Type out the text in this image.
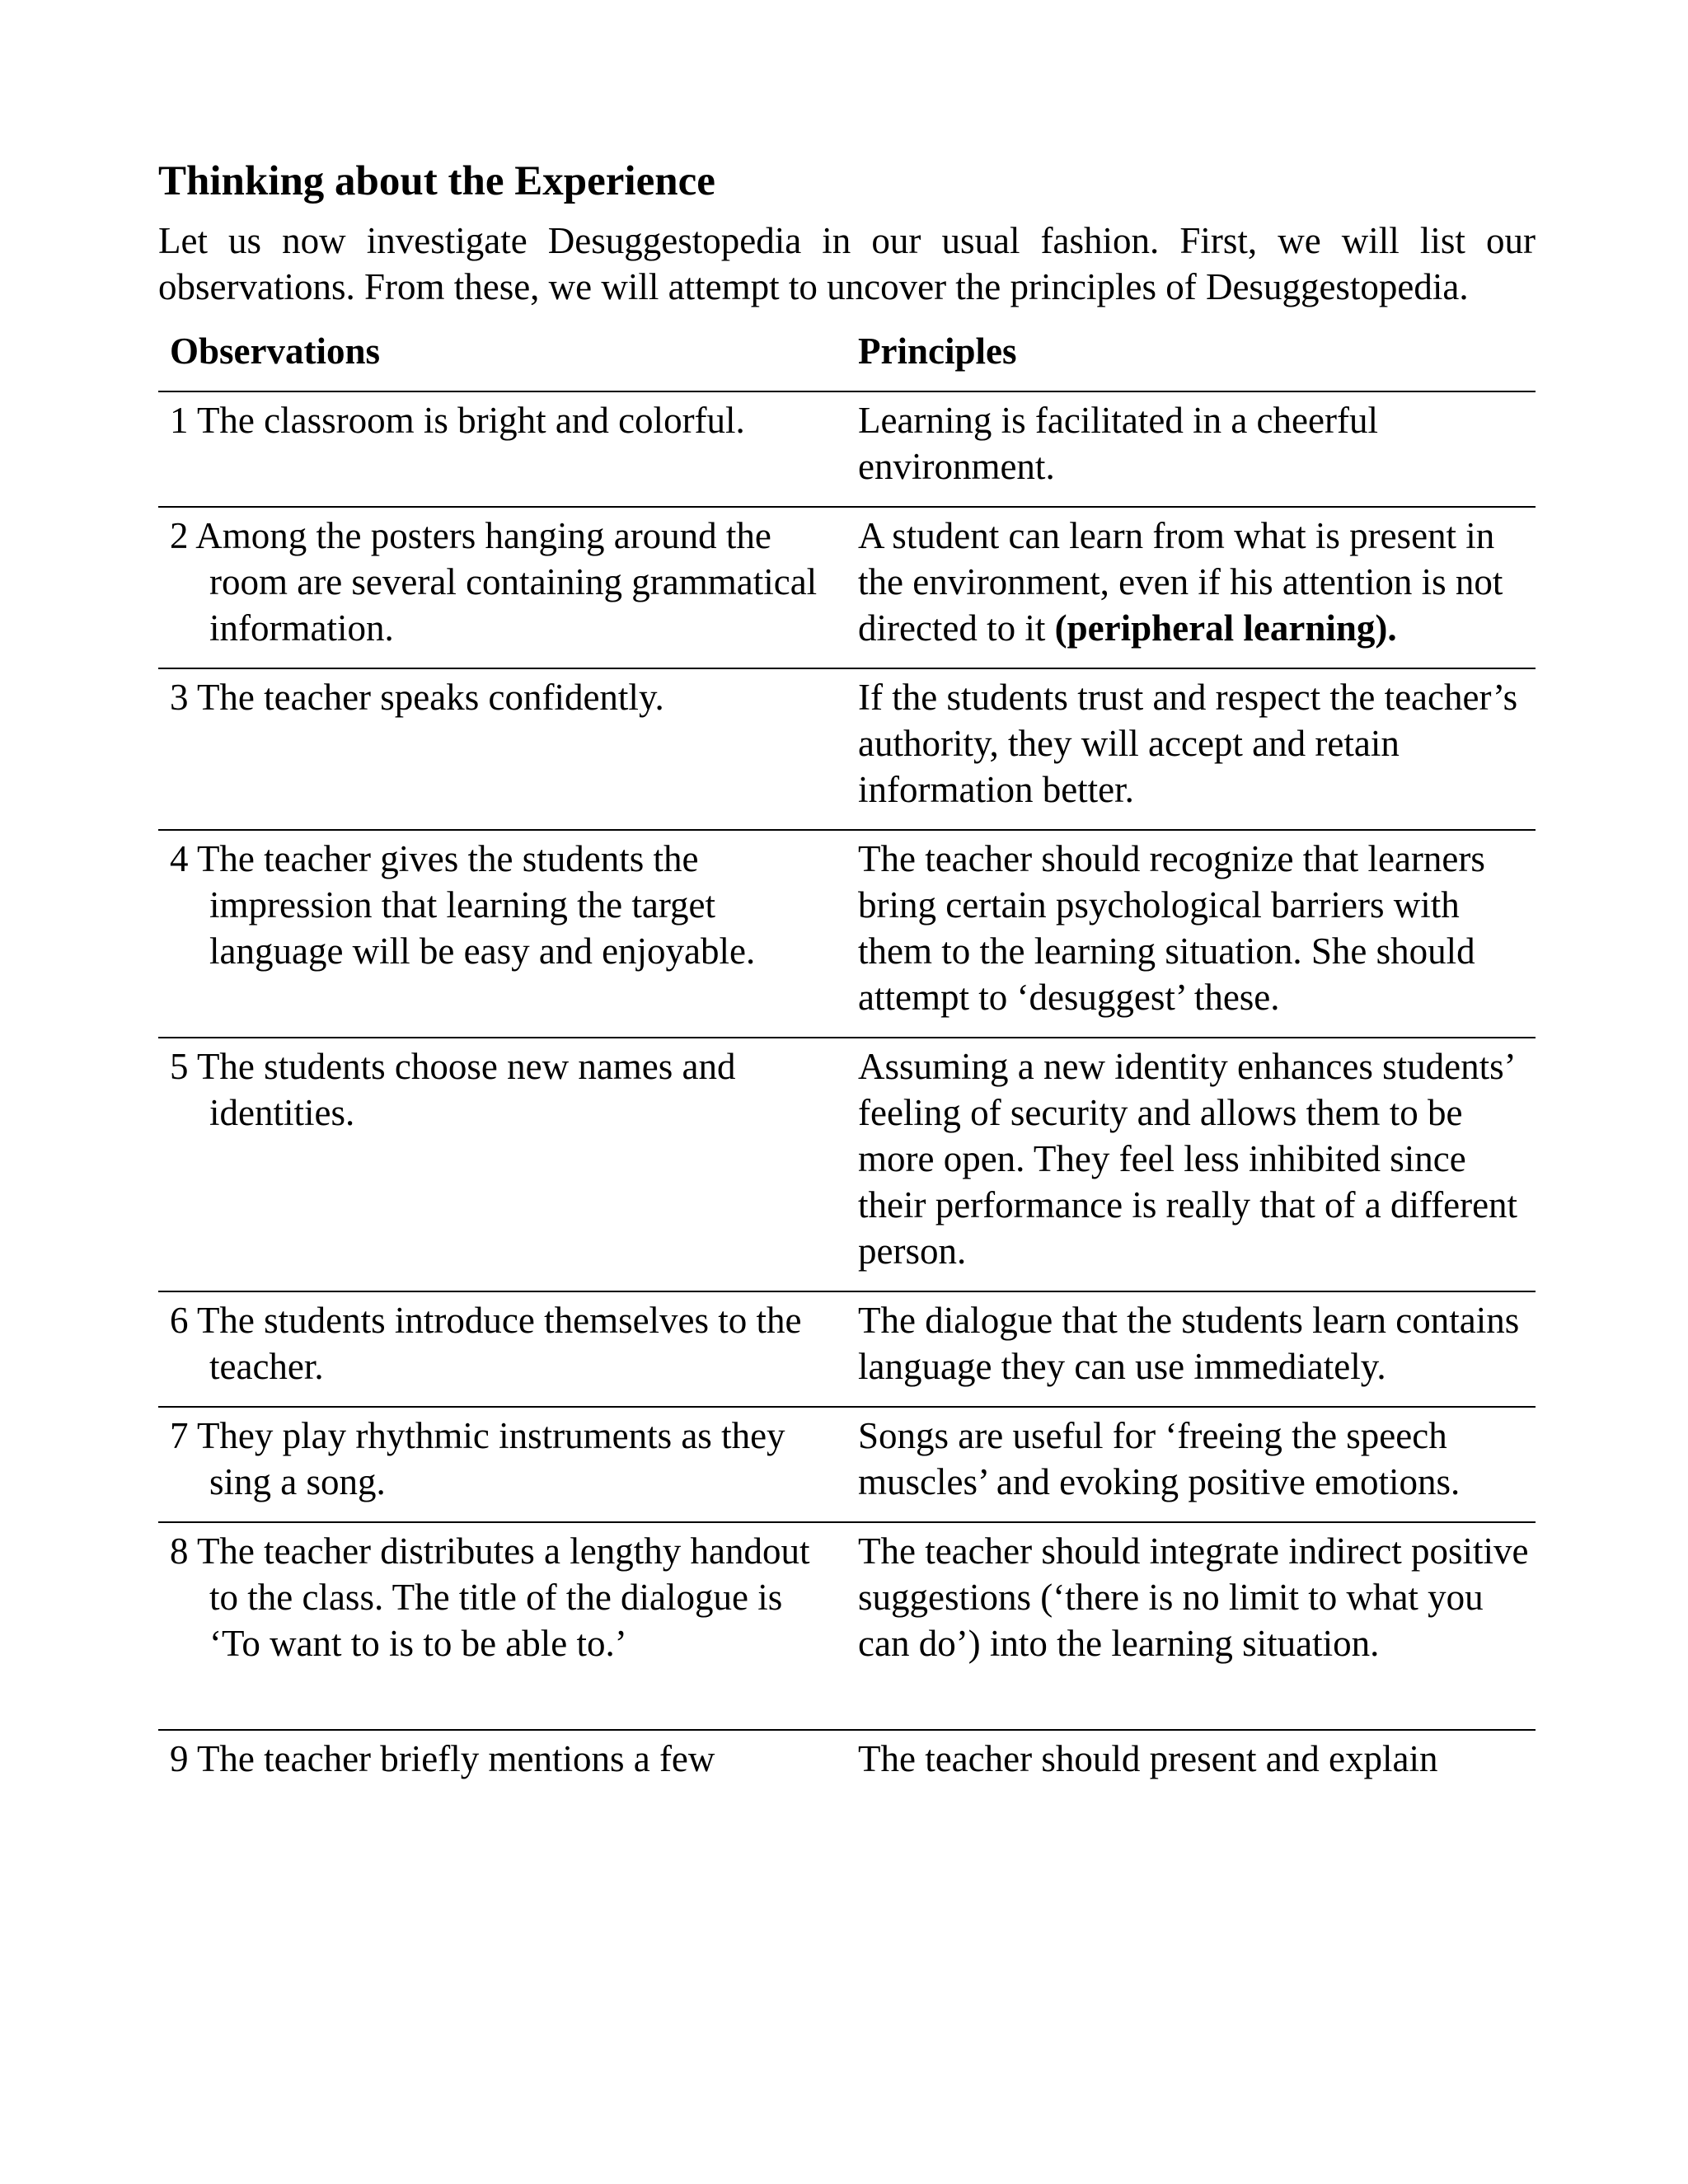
Thinking about the Experience

Let us now investigate Desuggestopedia in our usual fashion. First, we will list our observations. From these, we will attempt to uncover the principles of Desuggestopedia.

Observations	Principles

1 The classroom is bright and colorful.	Learning is facilitated in a cheerful environment.

2 Among the posters hanging around the room are several containing grammatical information.	A student can learn from what is present in the environment, even if his attention is not directed to it (peripheral learning).

3 The teacher speaks confidently.	If the students trust and respect the teacher’s authority, they will accept and retain information better.

4 The teacher gives the students the impression that learning the target language will be easy and enjoyable.	The teacher should recognize that learners bring certain psychological barriers with them to the learning situation. She should attempt to ‘desuggest’ these.

5 The students choose new names and identities.	Assuming a new identity enhances students’ feeling of security and allows them to be more open. They feel less inhibited since their performance is really that of a different person.

6 The students introduce themselves to the teacher.	The dialogue that the students learn contains language they can use immediately.

7 They play rhythmic instruments as they sing a song.	Songs are useful for ‘freeing the speech muscles’ and evoking positive emotions.

8 The teacher distributes a lengthy handout to the class. The title of the dialogue is ‘To want to is to be able to.’	The teacher should integrate indirect positive suggestions (‘there is no limit to what you can do’) into the learning situation.

9 The teacher briefly mentions a few	The teacher should present and explain
